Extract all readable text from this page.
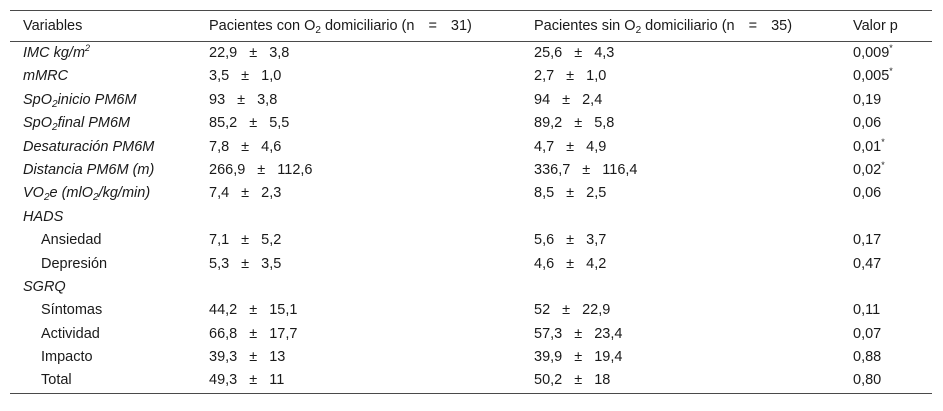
Variables	Pacientes con $O_2$ domiciliario (n = 31)	Pacientes $\sin O_2$ domiciliario (n = 35)	Valor p
IMC $kg/m^2$	22,9 ± 3,8	25,6 ± 4,3	0,009*
mMRC	3,5 ± 1,0	2,7 ± 1,0	0,005*
SpO$_2$inicio PM6M	93 ± 3,8	94 ± 2,4	0,19
SpO$_2$final PM6M	85,2 ± 5,5	89,2 ± 5,8	0,06
Desaturación PM6M	7,8 ± 4,6	4,7 ± 4,9	0,01*
Distancia PM6M (m)	266,9 ± 112,6	336,7 ± 116,4	0,02*
$VO_2e$ (mlO$_2$/kg/min)	7,4 ± 2,3	8,5 ± 2,5	0,06
HADS
Ansiedad	7,1 ± 5,2	5,6 ± 3,7	0,17
Depresión	5,3 ± 3,5	4,6 ± 4,2	0,47
SGRQ
Síntomas	44,2 ± 15,1	52 ± 22,9	0,11
Actividad	66,8 ± 17,7	57,3 ± 23,4	0,07
Impacto	39,3 ± 13	39,9 ± 19,4	0,88
Total	49,3 ± 11	50,2 ± 18	0,80
